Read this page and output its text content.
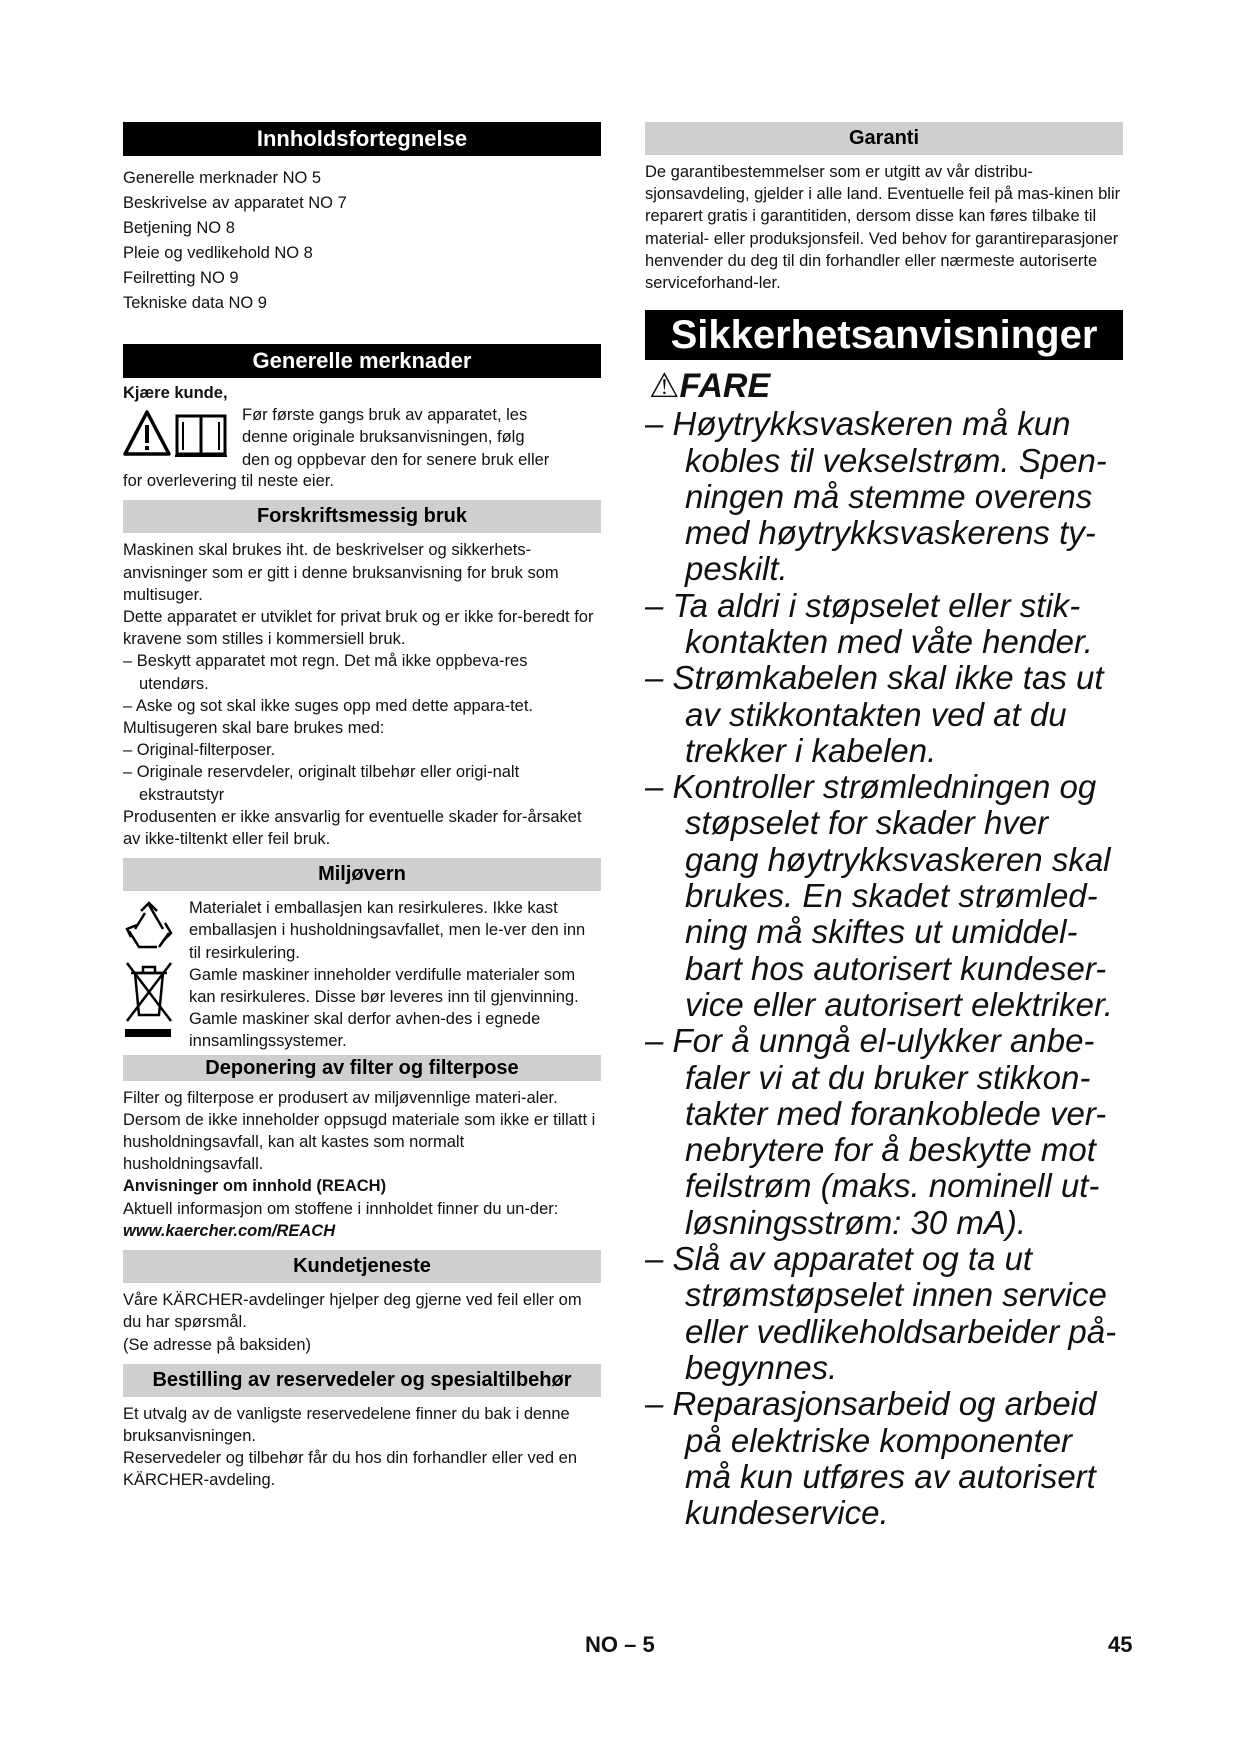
Innholdsfortegnelse

Generelle merknader NO 5

Beskrivelse av apparatet NO 7

Betjening NO 8

Pleie og vedlikehold NO 8

Feilretting NO 9

Tekniske data NO 9

Generelle merknader

Kjære kunde,

Før første gangs bruk av apparatet, les

denne originale bruksanvisningen, følg

den og oppbevar den for senere bruk eller

for overlevering til neste eier.

Forskriftsmessig bruk

Maskinen skal brukes iht. de beskrivelser og sikkerhets-anvisninger som er gitt i denne bruksanvisning for bruk som multisuger.

Dette apparatet er utviklet for privat bruk og er ikke for-beredt for kravene som stilles i kommersiell bruk.

– Beskytt apparatet mot regn. Det må ikke oppbeva-res utendørs.

– Aske og sot skal ikke suges opp med dette appara-tet.

Multisugeren skal bare brukes med:

– Original-filterposer.

– Originale reservdeler, originalt tilbehør eller origi-nalt ekstrautstyr

Produsenten er ikke ansvarlig for eventuelle skader for-årsaket av ikke-tiltenkt eller feil bruk.

Miljøvern

Materialet i emballasjen kan resirkuleres. Ikke kast emballasjen i husholdningsavfallet, men le-ver den inn til resirkulering.

Gamle maskiner inneholder verdifulle materialer som kan resirkuleres. Disse bør leveres inn til gjenvinning. Gamle maskiner skal derfor avhen-des i egnede innsamlingssystemer.

Deponering av filter og filterpose

Filter og filterpose er produsert av miljøvennlige materi-aler.

Dersom de ikke inneholder oppsugd materiale som ikke er tillatt i husholdningsavfall, kan alt kastes som normalt husholdningsavfall.

Anvisninger om innhold (REACH)

Aktuell informasjon om stoffene i innholdet finner du un-der:

www.kaercher.com/REACH

Kundetjeneste

Våre KÄRCHER-avdelinger hjelper deg gjerne ved feil eller om du har spørsmål.

(Se adresse på baksiden)

Bestilling av reservedeler og spesialtilbehør

Et utvalg av de vanligste reservedelene finner du bak i denne bruksanvisningen.

Reservedeler og tilbehør får du hos din forhandler eller ved en KÄRCHER-avdeling.

Garanti

De garantibestemmelser som er utgitt av vår distribu-sjonsavdeling, gjelder i alle land. Eventuelle feil på mas-kinen blir reparert gratis i garantitiden, dersom disse kan føres tilbake til material- eller produksjonsfeil. Ved behov for garantireparasjoner henvender du deg til din forhandler eller nærmeste autoriserte serviceforhand-ler.

Sikkerhetsanvisninger
⚠FARE

– Høytrykksvaskeren må kun kobles til vekselstrøm. Spen-ningen må stemme overens med høytrykksvaskerens ty-peskilt.

– Ta aldri i støpselet eller stik-kontakten med våte hender.

– Strømkabelen skal ikke tas ut av stikkontakten ved at du trekker i kabelen.

– Kontroller strømledningen og støpselet for skader hver gang høytrykksvaskeren skal brukes. En skadet strømled-ning må skiftes ut umiddel-bart hos autorisert kundeser-vice eller autorisert elektriker.

– For å unngå el-ulykker anbe-faler vi at du bruker stikkon-takter med forankoblede ver-nebrytere for å beskytte mot feilstrøm (maks. nominell ut-løsningsstrøm: 30 mA).

– Slå av apparatet og ta ut strømstøpselet innen service eller vedlikeholdsarbeider på-begynnes.

– Reparasjonsarbeid og arbeid på elektriske komponenter må kun utføres av autorisert kundeservice.

NO – 5	45
